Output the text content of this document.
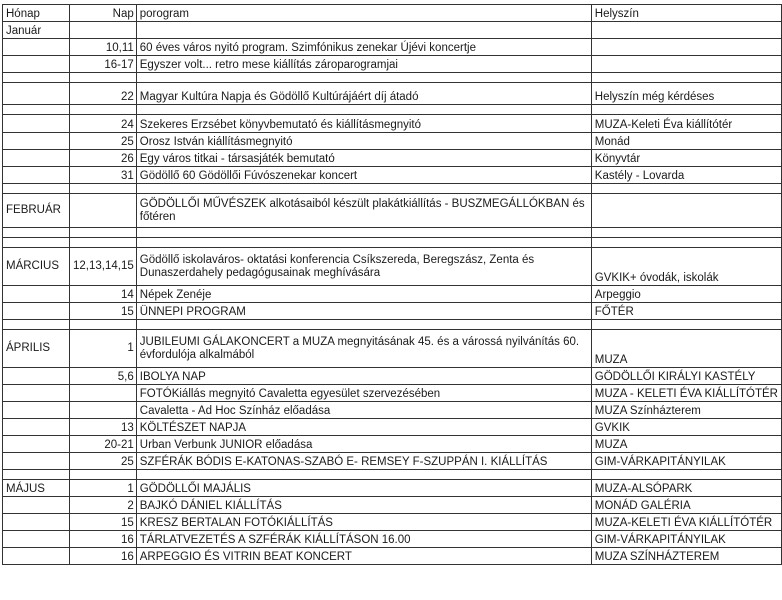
Hónap	Nap	porogram	Helyszín
Január			
	10,11	60 éves város nyitó program. Szimfónikus zenekar Újévi koncertje	
	16-17	Egyszer volt... retro mese kiállítás zároparogramjai	

	22	Magyar Kultúra Napja és Gödöllő Kultúrájáért díj átadó	Helyszín még kérdéses

	24	Szekeres Erzsébet könyvbemutató és kiállításmegnyitó	MUZA-Keleti Éva kiállítótér
	25	Orosz István kiállításmegnyitó	Monád
	26	Egy város titkai - társasjáték bemutató	Könyvtár
	31	Gödöllő 60 Gödöllői Fúvószenekar koncert	Kastély - Lovarda

FEBRUÁR		GÖDÖLLŐI MŰVÉSZEK alkotásaiból készült plakátkiállítás - BUSZMEGÁLLÓKBAN és főtéren	

MÁRCIUS	12,13,14,15	Gödöllő iskolaváros- oktatási konferencia Csíkszereda, Beregszász, Zenta és Dunaszerdahely pedagógusainak meghívására	GVKIK+ óvodák, iskolák
	14	Népek Zenéje	Arpeggio
	15	ÜNNEPI PROGRAM	FŐTÉR

ÁPRILIS	1	JUBILEUMI GÁLAKONCERT a MUZA megnyitásának 45. és a várossá nyilvánítás 60. évfordulója alkalmából	MUZA
	5,6	IBOLYA NAP	GÖDÖLLŐI KIRÁLYI KASTÉLY
		FOTÓKiállás megnyitó Cavaletta egyesület szervezésében	MUZA - KELETI ÉVA KIÁLLÍTÓTÉR
		Cavaletta - Ad Hoc Színház előadása	MUZA Színházterem
	13	KÖLTÉSZET NAPJA	GVKIK
	20-21	Urban Verbunk JUNIOR előadása	MUZA
	25	SZFÉRÁK BÓDIS E-KATONAS-SZABÓ E- REMSEY F-SZUPPÁN I. KIÁLLÍTÁS	GIM-VÁRKAPITÁNYILAK

MÁJUS	1	GÖDÖLLŐI MAJÁLIS	MUZA-ALSÓPARK
	2	BAJKÓ DÁNIEL KIÁLLÍTÁS	MONÁD GALÉRIA
	15	KRESZ BERTALAN FOTÓKIÁLLÍTÁS	MUZA-KELETI ÉVA KIÁLLÍTÓTÉR
	16	TÁRLATVEZETÉS A SZFÉRÁK KIÁLLÍTÁSON 16.00	GIM-VÁRKAPITÁNYILAK
	16	ARPEGGIO ÉS VITRIN BEAT KONCERT	MUZA SZÍNHÁZTEREM
